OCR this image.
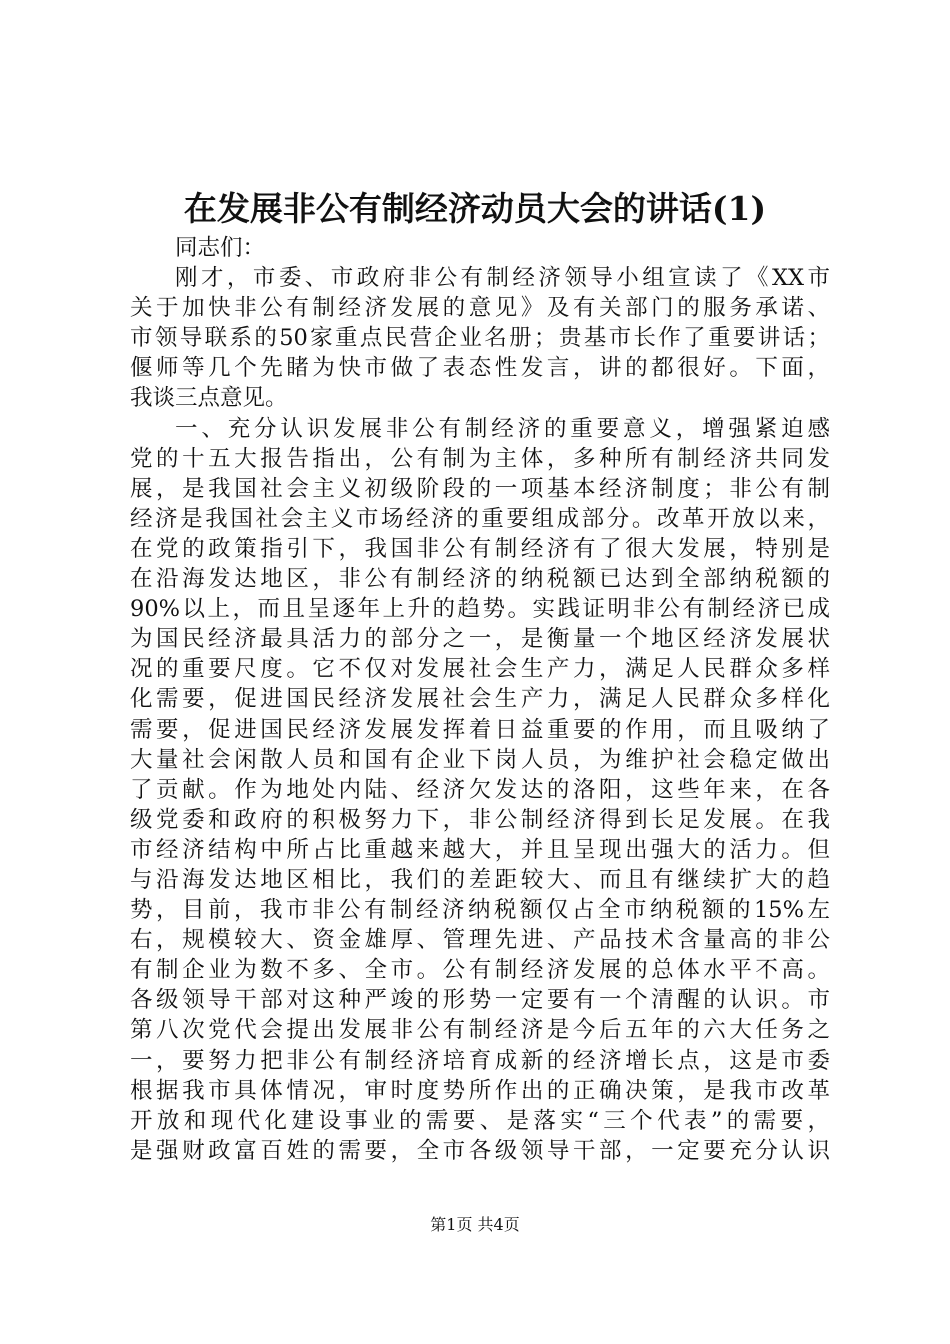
在发展非公有制经济动员大会的讲话(1)

同志们：

刚才，市委、市政府非公有制经济领导小组宣读了《XX市
关于加快非公有制经济发展的意见》及有关部门的服务承诺、
市领导联系的50家重点民营企业名册；贵基市长作了重要讲话；
偃师等几个先睹为快市做了表态性发言，讲的都很好。下面，
我谈三点意见。

一、充分认识发展非公有制经济的重要意义，增强紧迫感
党的十五大报告指出，公有制为主体，多种所有制经济共同发
展，是我国社会主义初级阶段的一项基本经济制度；非公有制
经济是我国社会主义市场经济的重要组成部分。改革开放以来，
在党的政策指引下，我国非公有制经济有了很大发展，特别是
在沿海发达地区，非公有制经济的纳税额已达到全部纳税额的
90%以上，而且呈逐年上升的趋势。实践证明非公有制经济已成
为国民经济最具活力的部分之一，是衡量一个地区经济发展状
况的重要尺度。它不仅对发展社会生产力，满足人民群众多样
化需要，促进国民经济发展社会生产力，满足人民群众多样化
需要，促进国民经济发展发挥着日益重要的作用，而且吸纳了
大量社会闲散人员和国有企业下岗人员，为维护社会稳定做出
了贡献。作为地处内陆、经济欠发达的洛阳，这些年来，在各
级党委和政府的积极努力下，非公制经济得到长足发展。在我
市经济结构中所占比重越来越大，并且呈现出强大的活力。但
与沿海发达地区相比，我们的差距较大、而且有继续扩大的趋
势，目前，我市非公有制经济纳税额仅占全市纳税额的15%左
右，规模较大、资金雄厚、管理先进、产品技术含量高的非公
有制企业为数不多、全市。公有制经济发展的总体水平不高。
各级领导干部对这种严竣的形势一定要有一个清醒的认识。市
第八次党代会提出发展非公有制经济是今后五年的六大任务之
一，要努力把非公有制经济培育成新的经济增长点，这是市委
根据我市具体情况，审时度势所作出的正确决策，是我市改革
开放和现代化建设事业的需要、是落实“三个代表”的需要，
是强财政富百姓的需要，全市各级领导干部，一定要充分认识

第1页 共4页
